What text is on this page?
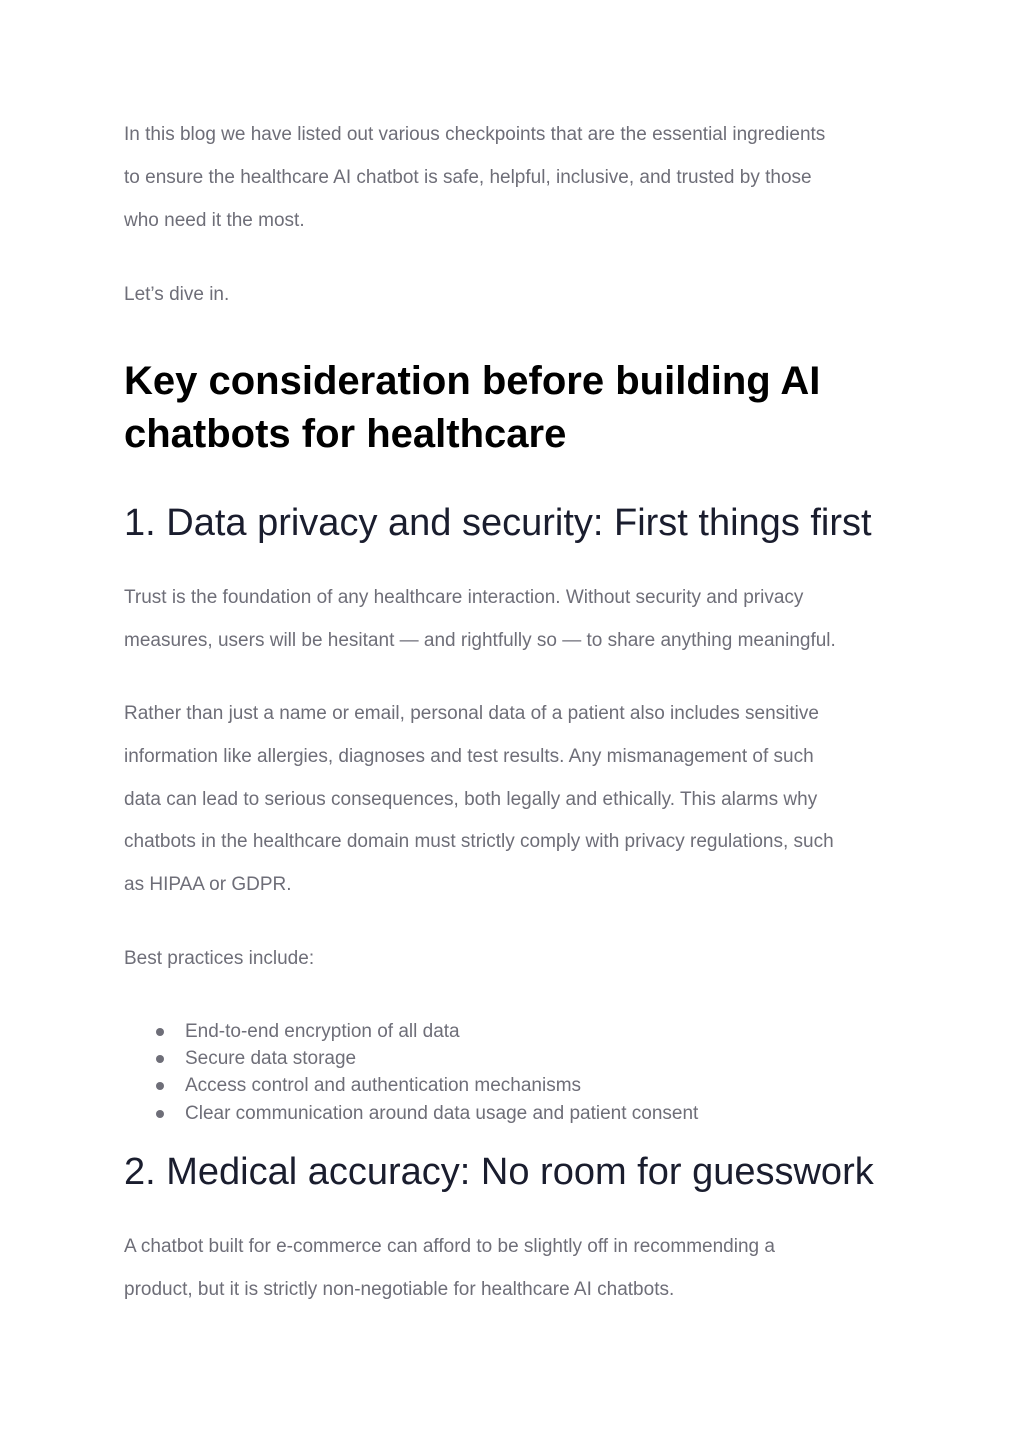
In this blog we have listed out various checkpoints that are the essential ingredients
to ensure the healthcare AI chatbot is safe, helpful, inclusive, and trusted by those
who need it the most.

Let’s dive in.

Key consideration before building AI
chatbots for healthcare
1. Data privacy and security: First things first

Trust is the foundation of any healthcare interaction. Without security and privacy
measures, users will be hesitant — and rightfully so — to share anything meaningful.

Rather than just a name or email, personal data of a patient also includes sensitive
information like allergies, diagnoses and test results. Any mismanagement of such
data can lead to serious consequences, both legally and ethically. This alarms why
chatbots in the healthcare domain must strictly comply with privacy regulations, such
as HIPAA or GDPR.

Best practices include:

End-to-end encryption of all data
Secure data storage
Access control and authentication mechanisms
Clear communication around data usage and patient consent
2. Medical accuracy: No room for guesswork

A chatbot built for e-commerce can afford to be slightly off in recommending a
product, but it is strictly non-negotiable for healthcare AI chatbots.
